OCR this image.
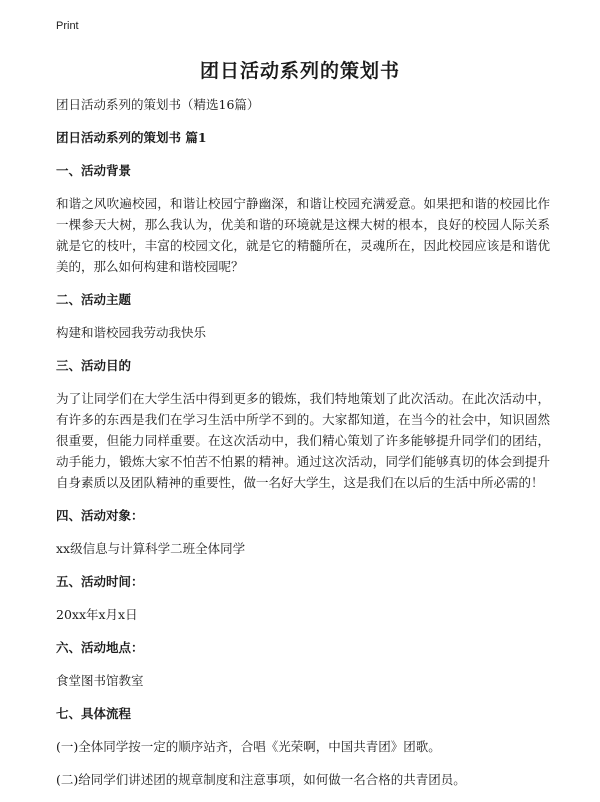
Print
团日活动系列的策划书

团日活动系列的策划书（精选16篇）

团日活动系列的策划书 篇1

一、活动背景

和谐之风吹遍校园，和谐让校园宁静幽深，和谐让校园充满爱意。如果把和谐的校园比作一棵参天大树，那么我认为，优美和谐的环境就是这棵大树的根本，良好的校园人际关系就是它的枝叶，丰富的校园文化，就是它的精髓所在，灵魂所在，因此校园应该是和谐优美的，那么如何构建和谐校园呢？

二、活动主题

构建和谐校园我劳动我快乐

三、活动目的

为了让同学们在大学生活中得到更多的锻炼，我们特地策划了此次活动。在此次活动中，有许多的东西是我们在学习生活中所学不到的。大家都知道，在当今的社会中，知识固然很重要，但能力同样重要。在这次活动中，我们精心策划了许多能够提升同学们的团结，动手能力，锻炼大家不怕苦不怕累的精神。通过这次活动，同学们能够真切的体会到提升自身素质以及团队精神的重要性，做一名好大学生，这是我们在以后的生活中所必需的！

四、活动对象：

xx级信息与计算科学二班全体同学

五、活动时间：

20xx年x月x日

六、活动地点：

食堂图书馆教室

七、具体流程

(一)全体同学按一定的顺序站齐，合唱《光荣啊，中国共青团》团歌。

(二)给同学们讲述团的规章制度和注意事项，如何做一名合格的共青团员。
